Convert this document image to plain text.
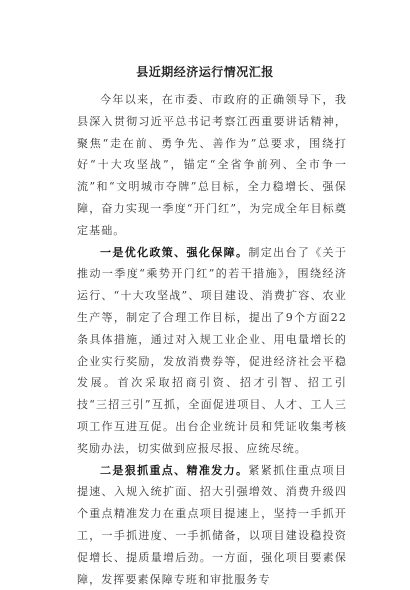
县近期经济运行情况汇报
今年以来，在市委、市政府的正确领导下，我县深入贯彻习近平总书记考察江西重要讲话精神，聚焦“走在前、勇争先、善作为”总要求，围绕打好“十大攻坚战”，锚定“全省争前列、全市争一流”和“文明城市夺牌”总目标，全力稳增长、强保障，奋力实现一季度“开门红”，为完成全年目标奠定基础。
一是优化政策、强化保障。制定出台了《关于推动一季度“乘势开门红”的若干措施》，围绕经济运行、“十大攻坚战”、项目建设、消费扩容、农业生产等，制定了合理工作目标，提出了9个方面22条具体措施，通过对入规工业企业、用电量增长的企业实行奖励，发放消费券等，促进经济社会平稳发展。首次采取招商引资、招才引智、招工引技“三招三引”互抓，全面促进项目、人才、工人三项工作互进互促。出台企业统计员和凭证收集考核奖励办法，切实做到应报尽报、应统尽统。
二是狠抓重点、精准发力。紧紧抓住重点项目提速、入规入统扩面、招大引强增效、消费升级四个重点精准发力在重点项目提速上，坚持一手抓开工，一手抓进度、一手抓储备，以项目建设稳投资促增长、提质量增后劲。一方面，强化项目要素保障，发挥要素保障专班和审批服务专
